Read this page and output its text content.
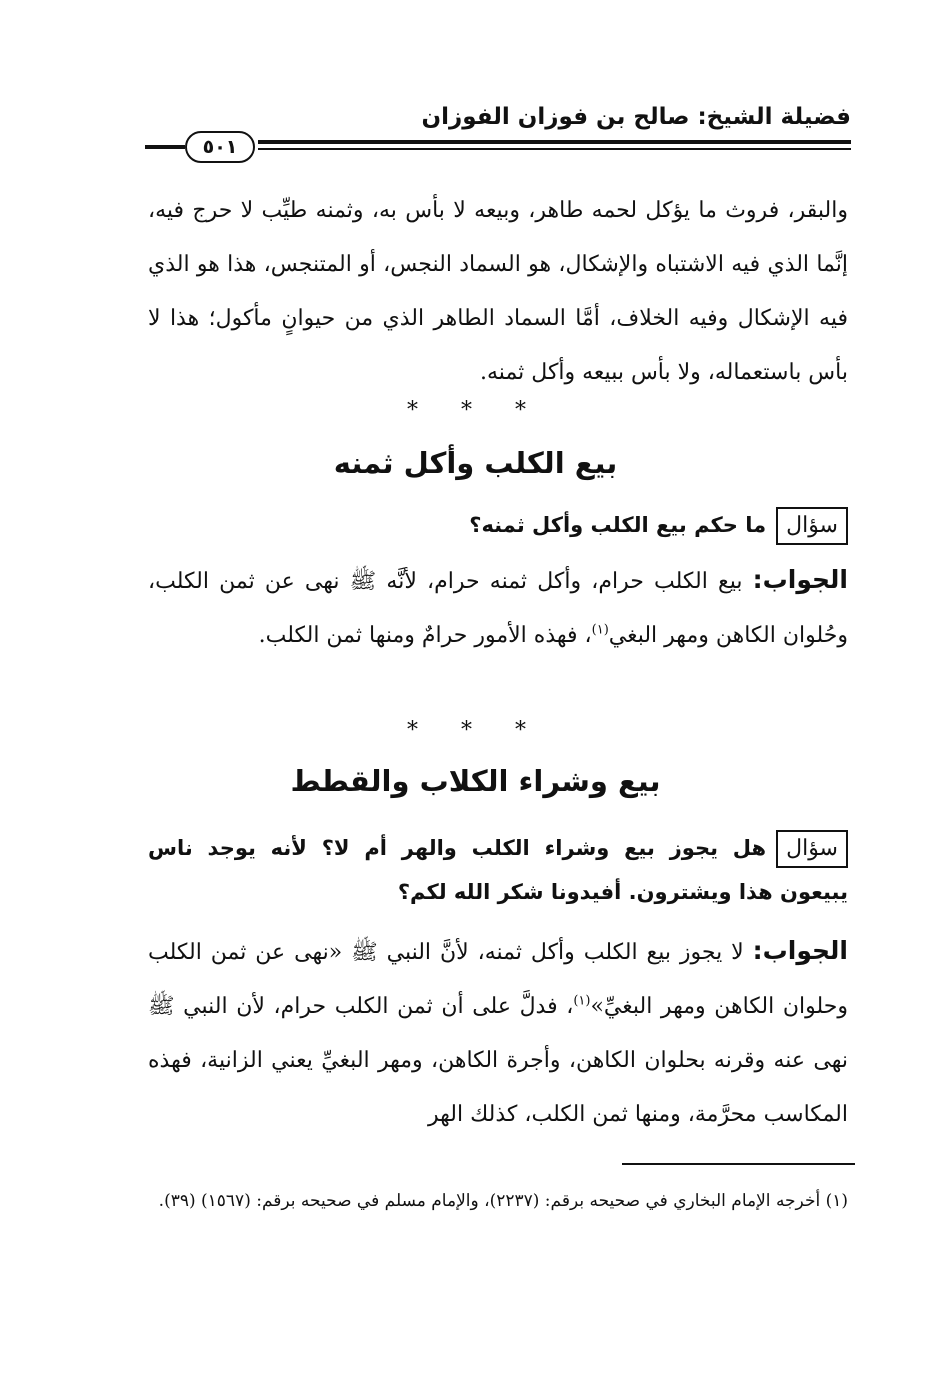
فضيلة الشيخ: صالح بن فوزان الفوزان
٥٠١
والبقر، فروث ما يؤكل لحمه طاهر، وبيعه لا بأس به، وثمنه طيِّب لا حرج فيه، إنَّما الذي فيه الاشتباه والإشكال، هو السماد النجس، أو المتنجس، هذا هو الذي فيه الإشكال وفيه الخلاف، أمَّا السماد الطاهر الذي من حيوانٍ مأكول؛ هذا لا بأس باستعماله، ولا بأس ببيعه وأكل ثمنه.
* * *
بيع الكلب وأكل ثمنه
سؤالما حكم بيع الكلب وأكل ثمنه؟
الجواب: بيع الكلب حرام، وأكل ثمنه حرام، لأنَّه ﷺ نهى عن ثمن الكلب، وحُلوان الكاهن ومهر البغي$^{(١)}$، فهذه الأمور حرامٌ ومنها ثمن الكلب.
* * *
بيع وشراء الكلاب والقطط
سؤالهل يجوز بيع وشراء الكلب والهر أم لا؟ لأنه يوجد ناس يبيعون هذا ويشترون. أفيدونا شكر الله لكم؟
الجواب: لا يجوز بيع الكلب وأكل ثمنه، لأنَّ النبي ﷺ «نهى عن ثمن الكلب وحلوان الكاهن ومهر البغيِّ»$^{(١)}$، فدلَّ على أن ثمن الكلب حرام، لأن النبي ﷺ نهى عنه وقرنه بحلوان الكاهن، وأجرة الكاهن، ومهر البغيِّ يعني الزانية، فهذه المكاسب محرَّمة، ومنها ثمن الكلب، كذلك الهر
(١) أخرجه الإمام البخاري في صحيحه برقم: (٢٢٣٧)، والإمام مسلم في صحيحه برقم: (١٥٦٧) (٣٩).
